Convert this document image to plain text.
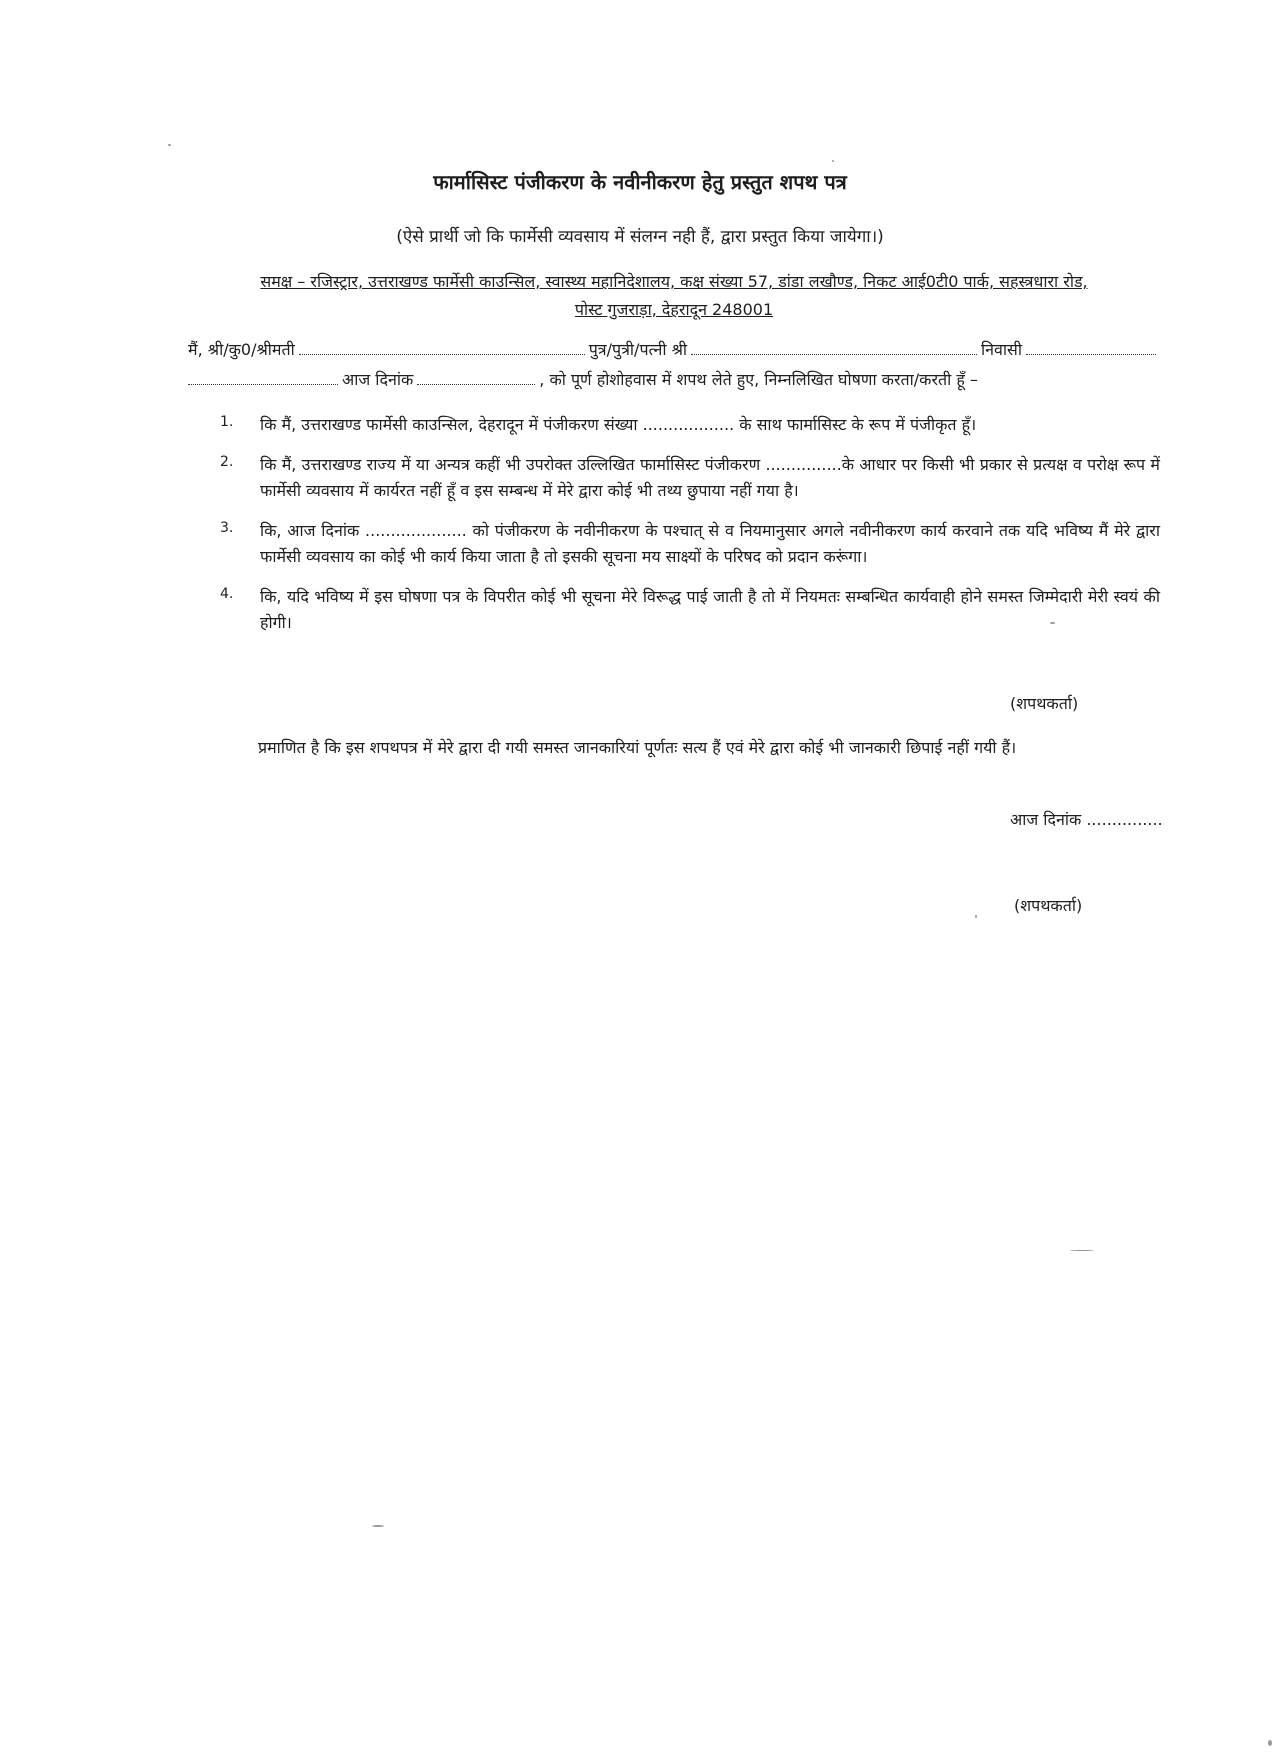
फार्मासिस्ट पंजीकरण के नवीनीकरण हेतु प्रस्तुत शपथ पत्र
(ऐसे प्रार्थी जो कि फार्मेसी व्यवसाय में संलग्न नही हैं, द्वारा प्रस्तुत किया जायेगा।)
समक्ष – रजिस्ट्रार, उत्तराखण्ड फार्मेसी काउन्सिल, स्वास्थ्य महानिदेशालय, कक्ष संख्या 57, डांडा लखौण्ड, निकट आई0टी0 पार्क, सहस्त्रधारा रोड,
पोस्ट गुजराड़ा, देहरादून 248001
मैं, श्री/कु0/श्रीमती	पुत्र/पुत्री/पत्नी श्री	निवासी
आज दिनांक	, को पूर्ण होशोहवास में शपथ लेते हुए, निम्नलिखित घोषणा करता/करती हूँ –
1.	कि मैं, उत्तराखण्ड फार्मेसी काउन्सिल, देहरादून में पंजीकरण संख्या .................. के साथ फार्मासिस्ट के रूप में पंजीकृत हूँ।
2.	कि मैं, उत्तराखण्ड राज्य में या अन्यत्र कहीं भी उपरोक्त उल्लिखित फार्मासिस्ट पंजीकरण ...............के आधार पर किसी भी प्रकार से प्रत्यक्ष व परोक्ष रूप में फार्मेसी व्यवसाय में कार्यरत नहीं हूँ व इस सम्बन्ध में मेरे द्वारा कोई भी तथ्य छुपाया नहीं गया है।
3.	कि, आज दिनांक .................... को पंजीकरण के नवीनीकरण के पश्चात् से व नियमानुसार अगले नवीनीकरण कार्य करवाने तक यदि भविष्य मैं मेरे द्वारा फार्मेसी व्यवसाय का कोई भी कार्य किया जाता है तो इसकी सूचना मय साक्ष्यों के परिषद को प्रदान करूंगा।
4.	कि, यदि भविष्य में इस घोषणा पत्र के विपरीत कोई भी सूचना मेरे विरूद्ध पाई जाती है तो में नियमतः सम्बन्धित कार्यवाही होने समस्त जिम्मेदारी मेरी स्वयं की होगी।
(शपथकर्ता)
प्रमाणित है कि इस शपथपत्र में मेरे द्वारा दी गयी समस्त जानकारियां पूर्णतः सत्य हैं एवं मेरे द्वारा कोई भी जानकारी छिपाई नहीं गयी हैं।
आज दिनांक ...............
(शपथकर्ता)
